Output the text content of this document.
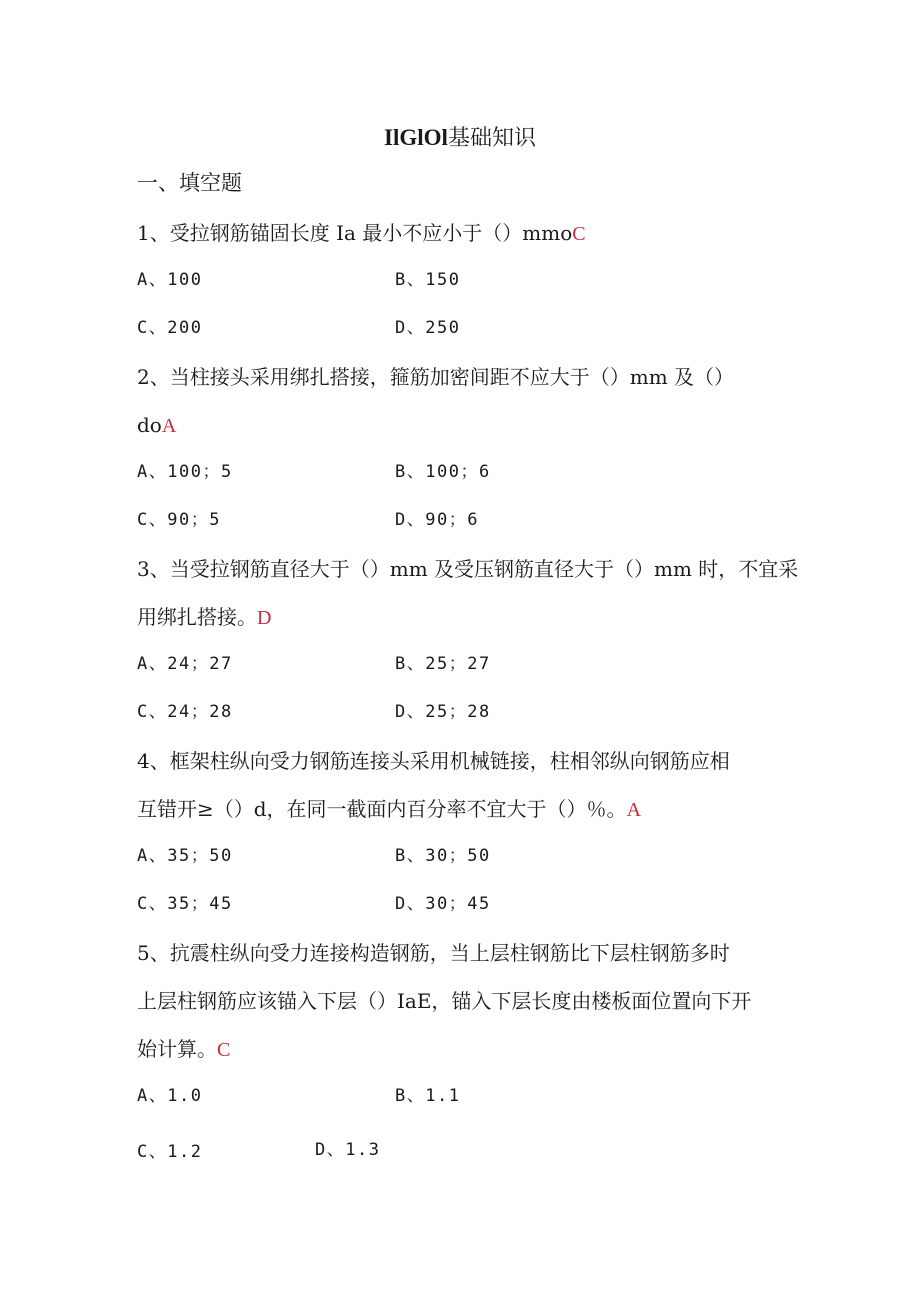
IlGlOl基础知识
一、填空题
1、受拉钢筋锚固长度 Ia 最小不应小于（）mmoC
A、100	B、150
C、200	D、250
2、当柱接头采用绑扎搭接，箍筋加密间距不应大于（）mm 及（）
doA
A、100；5	B、100；6
C、90；5	D、90；6
3、当受拉钢筋直径大于（）mm 及受压钢筋直径大于（）mm 时，不宜采
用绑扎搭接。D
A、24；27	B、25；27
C、24；28	D、25；28
4、框架柱纵向受力钢筋连接头采用机械链接，柱相邻纵向钢筋应相
互错开≥（）d，在同一截面内百分率不宜大于（）％。A
A、35；50	B、30；50
C、35；45	D、30；45
5、抗震柱纵向受力连接构造钢筋，当上层柱钢筋比下层柱钢筋多时
上层柱钢筋应该锚入下层（）IaE，锚入下层长度由楼板面位置向下开
始计算。C
A、1.0	B、1.1
C、1.2	D、1.3
